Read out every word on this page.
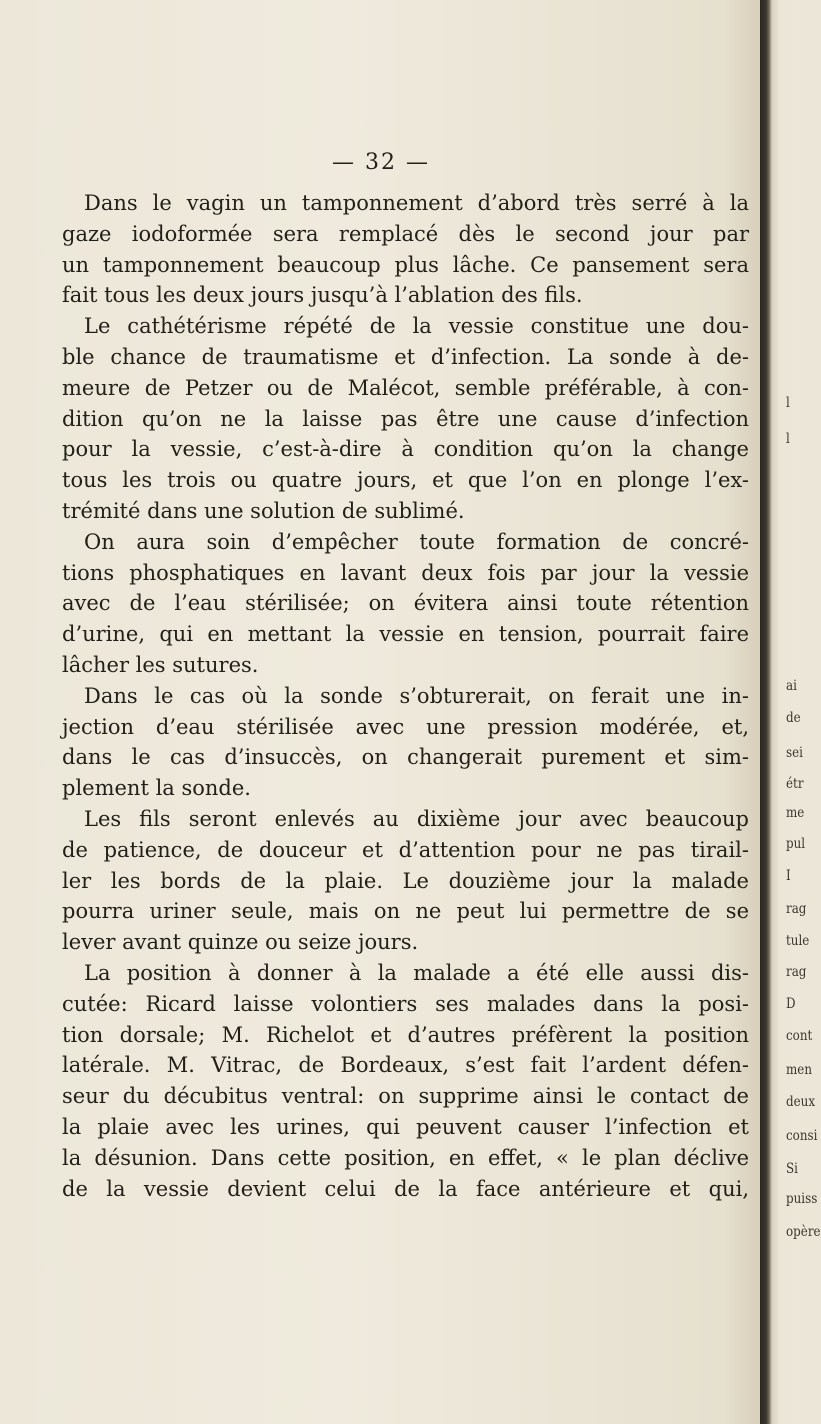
— 32 —
Dans le vagin un tamponnement d’abord très serré à la
gaze iodoformée sera remplacé dès le second jour par
un tamponnement beaucoup plus lâche. Ce pansement sera
fait tous les deux jours jusqu’à l’ablation des fils.
Le cathétérisme répété de la vessie constitue une dou-
ble chance de traumatisme et d’infection. La sonde à de-
meure de Petzer ou de Malécot, semble préférable, à con-
dition qu’on ne la laisse pas être une cause d’infection
pour la vessie, c’est-à-dire à condition qu’on la change
tous les trois ou quatre jours, et que l’on en plonge l’ex-
trémité dans une solution de sublimé.
On aura soin d’empêcher toute formation de concré-
tions phosphatiques en lavant deux fois par jour la vessie
avec de l’eau stérilisée; on évitera ainsi toute rétention
d’urine, qui en mettant la vessie en tension, pourrait faire
lâcher les sutures.
Dans le cas où la sonde s’obturerait, on ferait une in-
jection d’eau stérilisée avec une pression modérée, et,
dans le cas d’insuccès, on changerait purement et sim-
plement la sonde.
Les fils seront enlevés au dixième jour avec beaucoup
de patience, de douceur et d’attention pour ne pas tirail-
ler les bords de la plaie. Le douzième jour la malade
pourra uriner seule, mais on ne peut lui permettre de se
lever avant quinze ou seize jours.
La position à donner à la malade a été elle aussi dis-
cutée: Ricard laisse volontiers ses malades dans la posi-
tion dorsale; M. Richelot et d’autres préfèrent la position
latérale. M. Vitrac, de Bordeaux, s’est fait l’ardent défen-
seur du décubitus ventral: on supprime ainsi le contact de
la plaie avec les urines, qui peuvent causer l’infection et
la désunion. Dans cette position, en effet, « le plan déclive
de la vessie devient celui de la face antérieure et qui,
l
l
ai
de
sei
étr
me
pul
I
rag
tule
rag
D
cont
men
deux
consi
Si
puiss
opère
